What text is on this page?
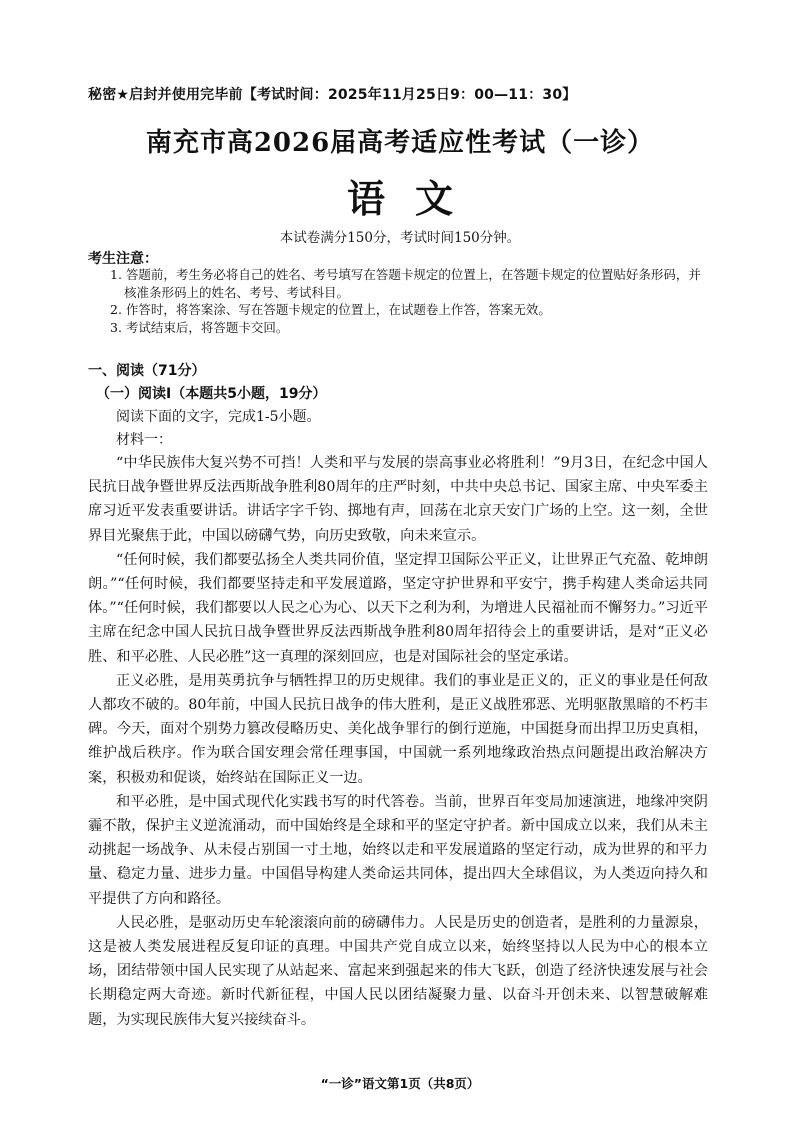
秘密★启封并使用完毕前【考试时间：2025年11月25日9：00—11：30】
南充市高2026届高考适应性考试（一诊）
语文
本试卷满分150分，考试时间150分钟。
考生注意：

1. 答题前，考生务必将自己的姓名、考号填写在答题卡规定的位置上，在答题卡规定的位置贴好条形码，并核准条形码上的姓名、考号、考试科目。

2. 作答时，将答案涂、写在答题卡规定的位置上，在试题卷上作答，答案无效。

3. 考试结束后，将答题卡交回。

一、阅读（71分）
（一）阅读Ⅰ（本题共5小题，19分）
阅读下面的文字，完成1-5小题。
材料一：

“中华民族伟大复兴势不可挡！人类和平与发展的崇高事业必将胜利！”9月3日，在纪念中国人民抗日战争暨世界反法西斯战争胜利80周年的庄严时刻，中共中央总书记、国家主席、中央军委主席习近平发表重要讲话。讲话字字千钧、掷地有声，回荡在北京天安门广场的上空。这一刻，全世界目光聚焦于此，中国以磅礴气势，向历史致敬，向未来宣示。

“任何时候，我们都要弘扬全人类共同价值，坚定捍卫国际公平正义，让世界正气充盈、乾坤朗朗。”“任何时候，我们都要坚持走和平发展道路，坚定守护世界和平安宁，携手构建人类命运共同体。”“任何时候，我们都要以人民之心为心、以天下之利为利，为增进人民福祉而不懈努力。”习近平主席在纪念中国人民抗日战争暨世界反法西斯战争胜利80周年招待会上的重要讲话，是对“正义必胜、和平必胜、人民必胜”这一真理的深刻回应，也是对国际社会的坚定承诺。

正义必胜，是用英勇抗争与牺牲捍卫的历史规律。我们的事业是正义的，正义的事业是任何敌人都攻不破的。80年前，中国人民抗日战争的伟大胜利，是正义战胜邪恶、光明驱散黑暗的不朽丰碑。今天，面对个别势力篡改侵略历史、美化战争罪行的倒行逆施，中国挺身而出捍卫历史真相，维护战后秩序。作为联合国安理会常任理事国，中国就一系列地缘政治热点问题提出政治解决方案，积极劝和促谈，始终站在国际正义一边。

和平必胜，是中国式现代化实践书写的时代答卷。当前，世界百年变局加速演进，地缘冲突阴霾不散，保护主义逆流涌动，而中国始终是全球和平的坚定守护者。新中国成立以来，我们从未主动挑起一场战争、从未侵占别国一寸土地，始终以走和平发展道路的坚定行动，成为世界的和平力量、稳定力量、进步力量。中国倡导构建人类命运共同体，提出四大全球倡议，为人类迈向持久和平提供了方向和路径。

人民必胜，是驱动历史车轮滚滚向前的磅礴伟力。人民是历史的创造者，是胜利的力量源泉，这是被人类发展进程反复印证的真理。中国共产党自成立以来，始终坚持以人民为中心的根本立场，团结带领中国人民实现了从站起来、富起来到强起来的伟大飞跃，创造了经济快速发展与社会长期稳定两大奇迹。新时代新征程，中国人民以团结凝聚力量、以奋斗开创未来、以智慧破解难题，为实现民族伟大复兴接续奋斗。

“一诊”语文第1页（共8页）
